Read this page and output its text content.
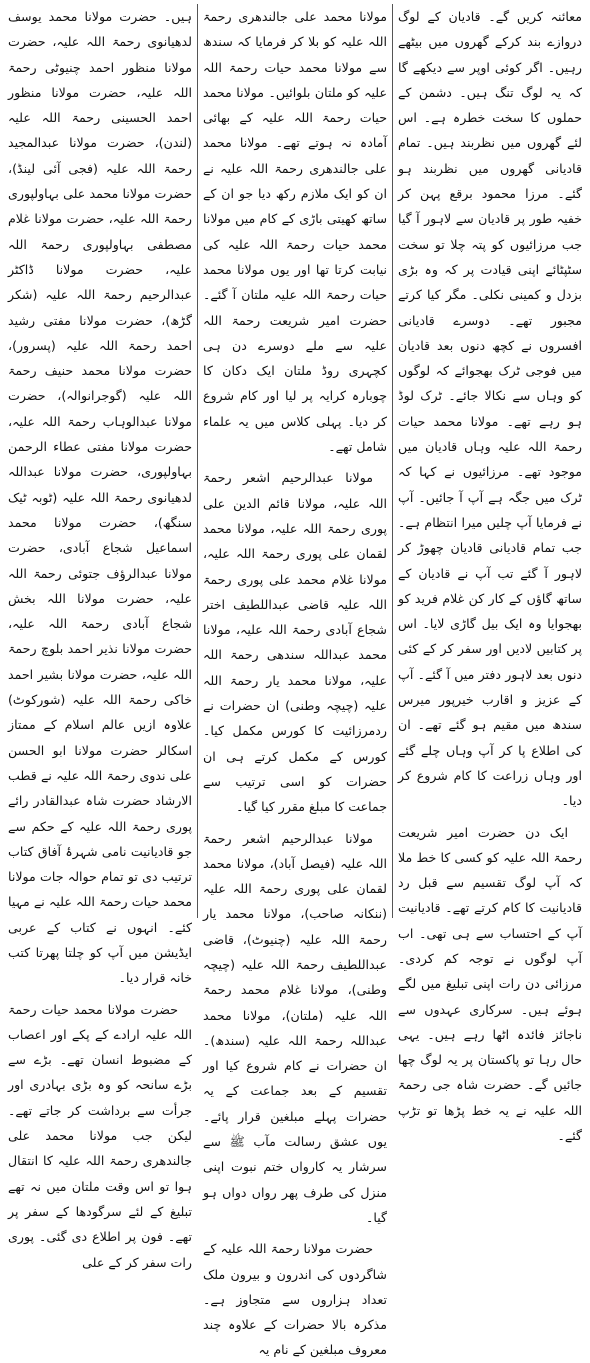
معائنہ کریں گے۔ قادیان کے لوگ دروازے بند کرکے گھروں میں بیٹھے رہیں۔ اگر کوئی اوپر سے دیکھے گا کہ یہ لوگ تنگ ہیں۔ دشمن کے حملوں کا سخت خطرہ ہے۔ اس لئے گھروں میں نظربند ہیں۔ تمام قادیانی گھروں میں نظربند ہو گئے۔ مرزا محمود برقع پہن کر خفیہ طور پر قادیان سے لاہور آ گیا جب مرزائیوں کو پتہ چلا تو سخت سٹپٹائے اپنی قیادت پر کہ وہ بڑی بزدل و کمینی نکلی۔ مگر کیا کرتے مجبور تھے۔ دوسرے قادیانی افسروں نے کچھ دنوں بعد قادیان میں فوجی ٹرک بھجوائے کہ لوگوں کو وہاں سے نکالا جائے۔ ٹرک لوڈ ہو رہے تھے۔ مولانا محمد حیات رحمۃ اللہ علیہ وہاں قادیان میں موجود تھے۔ مرزائیوں نے کہا کہ ٹرک میں جگہ ہے آپ آ جائیں۔ آپ نے فرمایا آپ چلیں میرا انتظام ہے۔ جب تمام قادیانی قادیان چھوڑ کر لاہور آ گئے تب آپ نے قادیان کے ساتھ گاؤں کے کار کن غلام فرید کو بھجوایا وہ ایک بیل گاڑی لایا۔ اس پر کتابیں لادیں اور سفر کر کے کئی دنوں بعد لاہور دفتر میں آ گئے۔ آپ کے عزیز و اقارب خیرپور میرس سندھ میں مقیم ہو گئے تھے۔ ان کی اطلاع پا کر آپ وہاں چلے گئے اور وہاں زراعت کا کام شروع کر دیا۔

ایک دن حضرت امیر شریعت رحمۃ اللہ علیہ کو کسی کا خط ملا کہ آپ لوگ تقسیم سے قبل رد قادیانیت کا کام کرتے تھے۔ قادیانیت آپ کے احتساب سے ہی تھی۔ اب آپ لوگوں نے توجہ کم کردی۔ مرزائی دن رات اپنی تبلیغ میں لگے ہوئے ہیں۔ سرکاری عہدوں سے ناجائز فائدہ اٹھا رہے ہیں۔ یہی حال رہا تو پاکستان پر یہ لوگ چھا جائیں گے۔ حضرت شاہ جی رحمۃ اللہ علیہ نے یہ خط پڑھا تو تڑپ گئے۔

مولانا محمد علی جالندھری رحمۃ اللہ علیہ کو بلا کر فرمایا کہ سندھ سے مولانا محمد حیات رحمۃ اللہ علیہ کو ملتان بلوائیں۔ مولانا محمد حیات رحمۃ اللہ علیہ کے بھائی آمادہ نہ ہوتے تھے۔ مولانا محمد علی جالندھری رحمۃ اللہ علیہ نے ان کو ایک ملازم رکھ دیا جو ان کے ساتھ کھیتی باڑی کے کام میں مولانا محمد حیات رحمۃ اللہ علیہ کی نیابت کرتا تھا اور یوں مولانا محمد حیات رحمۃ اللہ علیہ ملتان آ گئے۔ حضرت امیر شریعت رحمۃ اللہ علیہ سے ملے دوسرے دن ہی کچہری روڈ ملتان ایک دکان کا چوبارہ کرایہ پر لیا اور کام شروع کر دیا۔ پہلی کلاس میں یہ علماء شامل تھے۔

مولانا عبدالرحیم اشعر رحمۃ اللہ علیہ، مولانا قائم الدین علی پوری رحمۃ اللہ علیہ، مولانا محمد لقمان علی پوری رحمۃ اللہ علیہ، مولانا غلام محمد علی پوری رحمۃ اللہ علیہ قاضی عبداللطیف اختر شجاع آبادی رحمۃ اللہ علیہ، مولانا محمد عبداللہ سندھی رحمۃ اللہ علیہ، مولانا محمد یار رحمۃ اللہ علیہ (چیچہ وطنی) ان حضرات نے ردمرزائیت کا کورس مکمل کیا۔ کورس کے مکمل کرتے ہی ان حضرات کو اسی ترتیب سے جماعت کا مبلغ مقرر کیا گیا۔

مولانا عبدالرحیم اشعر رحمۃ اللہ علیہ (فیصل آباد)، مولانا محمد لقمان علی پوری رحمۃ اللہ علیہ (ننکانہ صاحب)، مولانا محمد یار رحمۃ اللہ علیہ (چنیوٹ)، قاضی عبداللطیف رحمۃ اللہ علیہ (چیچہ وطنی)، مولانا غلام محمد رحمۃ اللہ علیہ (ملتان)، مولانا محمد عبداللہ رحمۃ اللہ علیہ (سندھ)۔ ان حضرات نے کام شروع کیا اور تقسیم کے بعد جماعت کے یہ حضرات پہلے مبلغین قرار پائے۔ یوں عشق رسالت مآب ﷺ سے سرشار یہ کارواں ختم نبوت اپنی منزل کی طرف پھر رواں دواں ہو گیا۔

حضرت مولانا رحمۃ اللہ علیہ کے شاگردوں کی اندرون و بیرون ملک تعداد ہزاروں سے متجاوز ہے۔ مذکرہ بالا حضرات کے علاوہ چند معروف مبلغین کے نام یہ

ہیں۔ حضرت مولانا محمد یوسف لدھیانوی رحمۃ اللہ علیہ، حضرت مولانا منظور احمد چنیوٹی رحمۃ اللہ علیہ، حضرت مولانا منظور احمد الحسینی رحمۃ اللہ علیہ (لندن)، حضرت مولانا عبدالمجید رحمۃ اللہ علیہ (فجی آئی لینڈ)، حضرت مولانا محمد علی بہاولپوری رحمۃ اللہ علیہ، حضرت مولانا غلام مصطفی بہاولپوری رحمۃ اللہ علیہ، حضرت مولانا ڈاکٹر عبدالرحیم رحمۃ اللہ علیہ (شکر گڑھ)، حضرت مولانا مفتی رشید احمد رحمۃ اللہ علیہ (پسرور)، حضرت مولانا محمد حنیف رحمۃ اللہ علیہ (گوجرانوالہ)، حضرت مولانا عبدالوہاب رحمۃ اللہ علیہ، حضرت مولانا مفتی عطاء الرحمن بہاولپوری، حضرت مولانا عبداللہ لدھیانوی رحمۃ اللہ علیہ (ٹوبہ ٹیک سنگھ)، حضرت مولانا محمد اسماعیل شجاع آبادی، حضرت مولانا عبدالرؤف جتوئی رحمۃ اللہ علیہ، حضرت مولانا اللہ بخش شجاع آبادی رحمۃ اللہ علیہ، حضرت مولانا نذیر احمد بلوچ رحمۃ اللہ علیہ، حضرت مولانا بشیر احمد خاکی رحمۃ اللہ علیہ (شورکوٹ) علاوہ ازیں عالم اسلام کے ممتاز اسکالر حضرت مولانا ابو الحسن علی ندوی رحمۃ اللہ علیہ نے قطب الارشاد حضرت شاہ عبدالقادر رائے پوری رحمۃ اللہ علیہ کے حکم سے جو قادیانیت نامی شہرۂ آفاق کتاب ترتیب دی تو تمام حوالہ جات مولانا محمد حیات رحمۃ اللہ علیہ نے مہیا کئے۔ انہوں نے کتاب کے عربی ایڈیشن میں آپ کو چلتا پھرتا کتب خانہ قرار دیا۔

حضرت مولانا محمد حیات رحمۃ اللہ علیہ ارادے کے پکے اور اعصاب کے مضبوط انسان تھے۔ بڑے سے بڑے سانحہ کو وہ بڑی بہادری اور جرأت سے برداشت کر جاتے تھے۔ لیکن جب مولانا محمد علی جالندھری رحمۃ اللہ علیہ کا انتقال ہوا تو اس وقت ملتان میں نہ تھے تبلیغ کے لئے سرگودھا کے سفر پر تھے۔ فون پر اطلاع دی گئی۔ پوری رات سفر کر کے علی
